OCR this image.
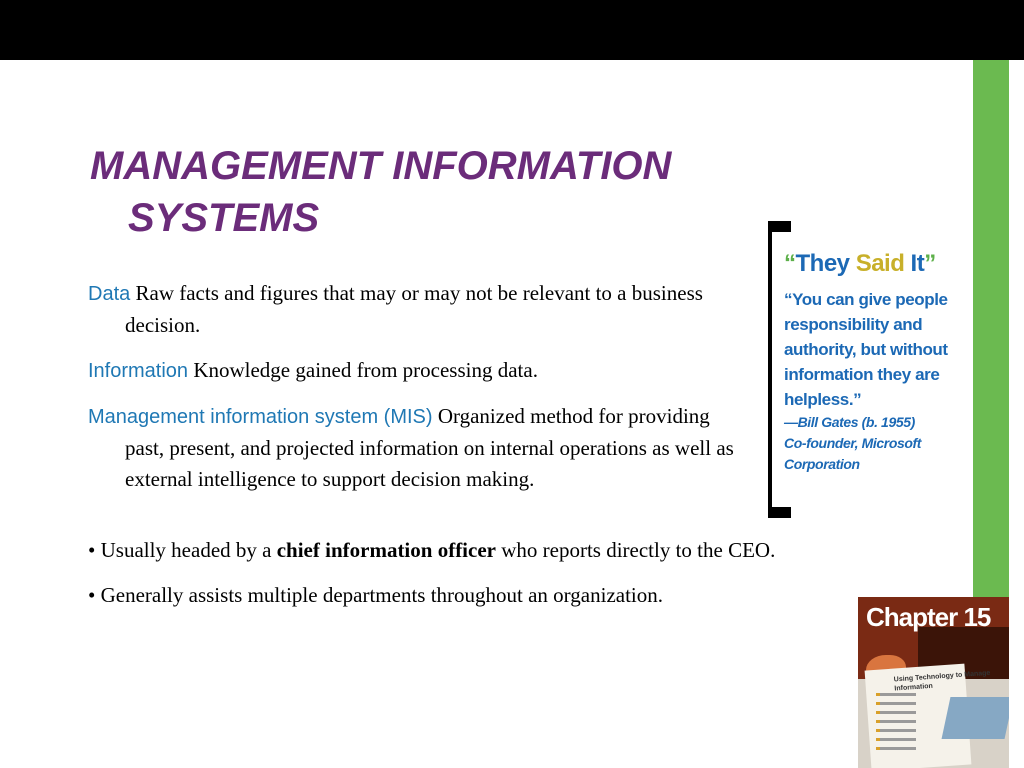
MANAGEMENT INFORMATION
SYSTEMS

Data Raw facts and figures that may or may not be relevant to a business decision.

Information Knowledge gained from processing data.

Management information system (MIS) Organized method for providing past, present, and projected information on internal operations as well as external intelligence to support decision making.

• Usually headed by a chief information officer who reports directly to the CEO.

• Generally assists multiple departments throughout an organization.

“They Said It”

“You can give people responsibility and authority, but without information they are helpless.”

—Bill Gates (b. 1955)

Co-founder, Microsoft Corporation

Chapter 15
Using Technology to Manage Information
